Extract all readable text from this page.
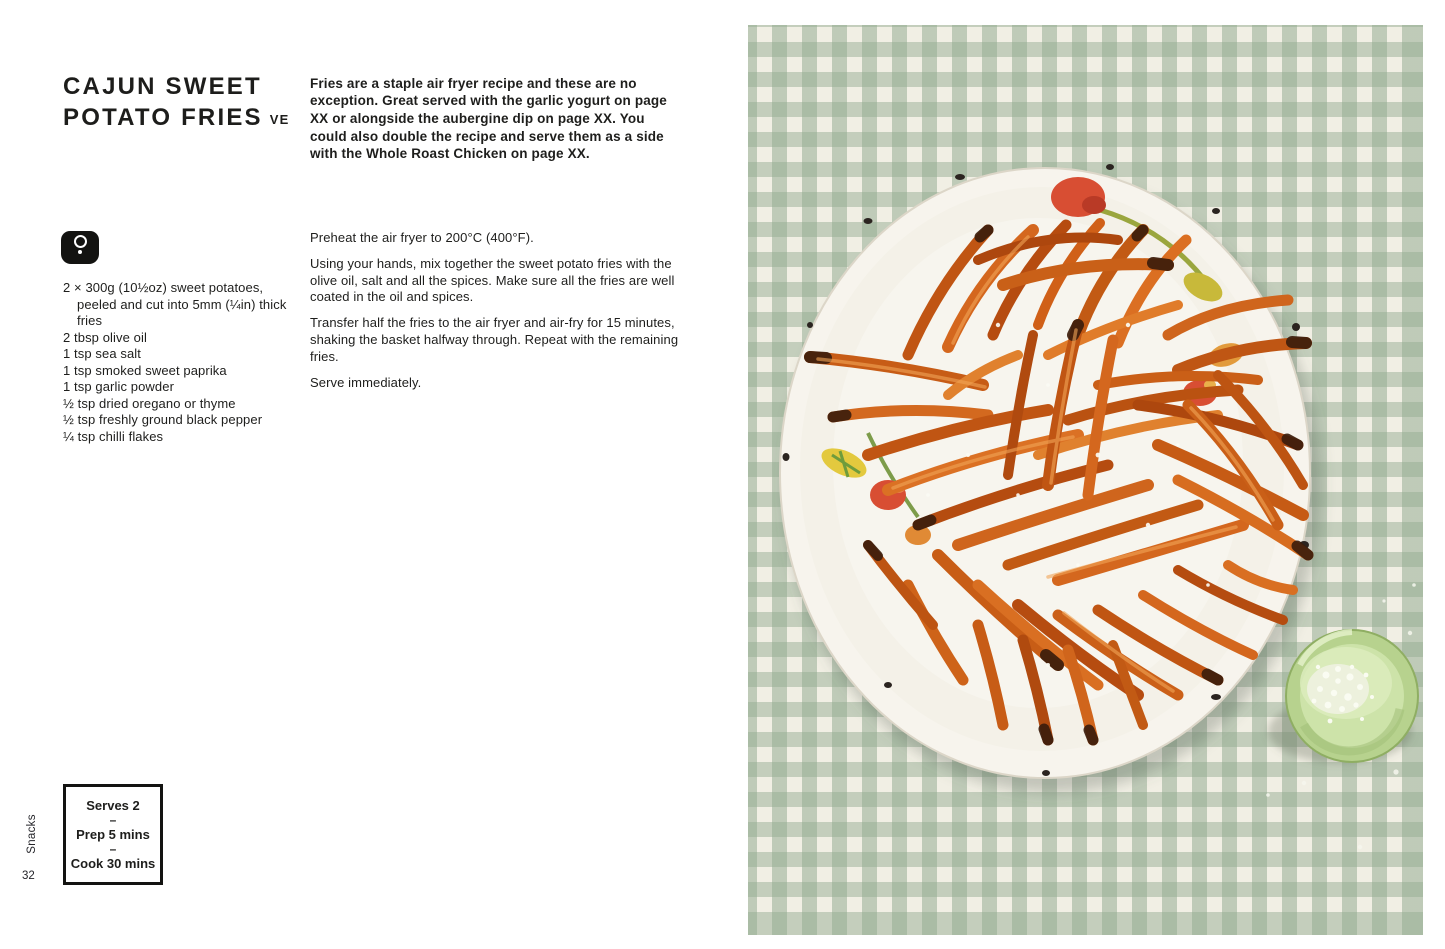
CAJUN SWEET
POTATO FRIES VE

Fries are a staple air fryer recipe and these are no exception. Great served with the garlic yogurt on page XX or alongside the aubergine dip on page XX. You could also double the recipe and serve them as a side with the Whole Roast Chicken on page XX.

2 × 300g (10½oz) sweet potatoes,
peeled and cut into 5mm (¼in) thick
fries
2 tbsp olive oil
1 tsp sea salt
1 tsp smoked sweet paprika
1 tsp garlic powder
½ tsp dried oregano or thyme
½ tsp freshly ground black pepper
¼ tsp chilli flakes

Preheat the air fryer to 200°C (400°F).

Using your hands, mix together the sweet potato fries with the olive oil, salt and all the spices. Make sure all the fries are well coated in the oil and spices.

Transfer half the fries to the air fryer and air-fry for 15 minutes, shaking the basket halfway through. Repeat with the remaining fries.

Serve immediately.

Serves 2
–
Prep 5 mins
–
Cook 30 mins
Snacks
32
